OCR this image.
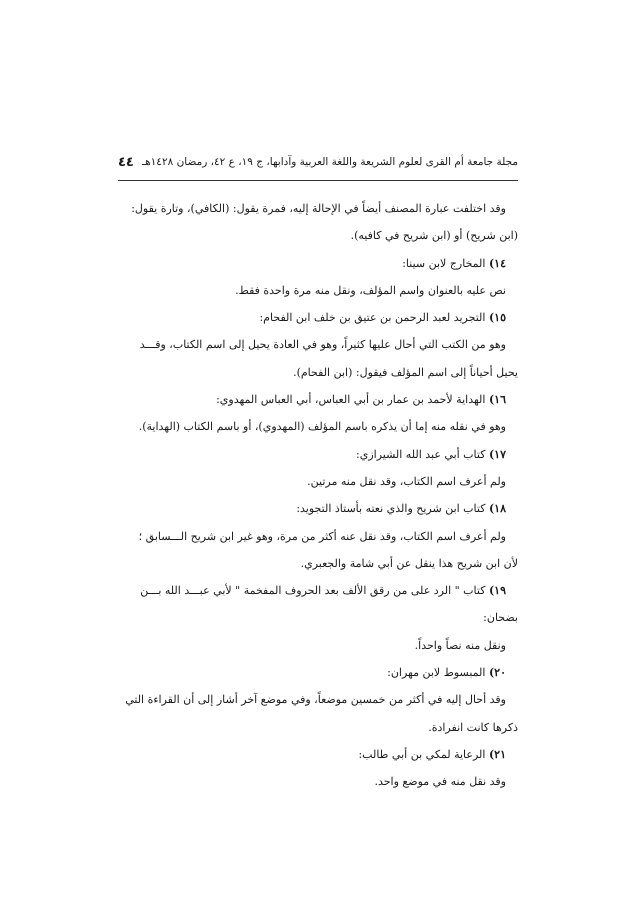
مجلة جامعة أم القرى لعلوم الشريعة واللغة العربية وآدابها، ج ١٩، ع ٤٢، رمضان ١٤٢٨هـ
٤٤

وقد اختلفت عبارة المصنف أيضاً في الإحالة إليه، فمرة يقول: (الكافي)، وتارة يقول:

(ابن شريح) أو (ابن شريح في كافيه).

١٤) المخارج لابن سينا:

نص عليه بالعنوان واسم المؤلف، ونقل منه مرة واحدة فقط.

١٥) التجريد لعبد الرحمن بن عتيق بن خلف ابن الفحام:

وهو من الكتب التي أحال عليها كثيراً، وهو في العادة يحيل إلى اسم الكتاب، وقـــد

يحيل أحياناً إلى اسم المؤلف فيقول: (ابن الفحام).

١٦) الهداية لأحمد بن عمار بن أبي العباس، أبي العباس المهدوي:

وهو في نقله منه إما أن يذكره باسم المؤلف (المهدوي)، أو باسم الكتاب (الهداية).

١٧) كتاب أبي عبد الله الشيرازي:

ولم أعرف اسم الكتاب، وقد نقل منه مرتين.

١٨) كتاب ابن شريح والذي نعته بأستاذ التجويد:

ولم أعرف اسم الكتاب، وقد نقل عنه أكثر من مرة، وهو غير ابن شريح الـــسابق ؛

لأن ابن شريح هذا ينقل عن أبي شامة والجعبري.

١٩) كتاب " الرد على من رقق الألف بعد الحروف المفخمة " لأبي عبـــد الله بـــن

بضحان:

ونقل منه نصاً واحداً.

٢٠) المبسوط لابن مهران:

وقد أحال إليه في أكثر من خمسين موضعاً، وفي موضع آخر أشار إلى أن القراءة التي

ذكرها كانت انفرادة.

٢١) الرعاية لمكي بن أبي طالب:

وقد نقل منه في موضع واحد.
